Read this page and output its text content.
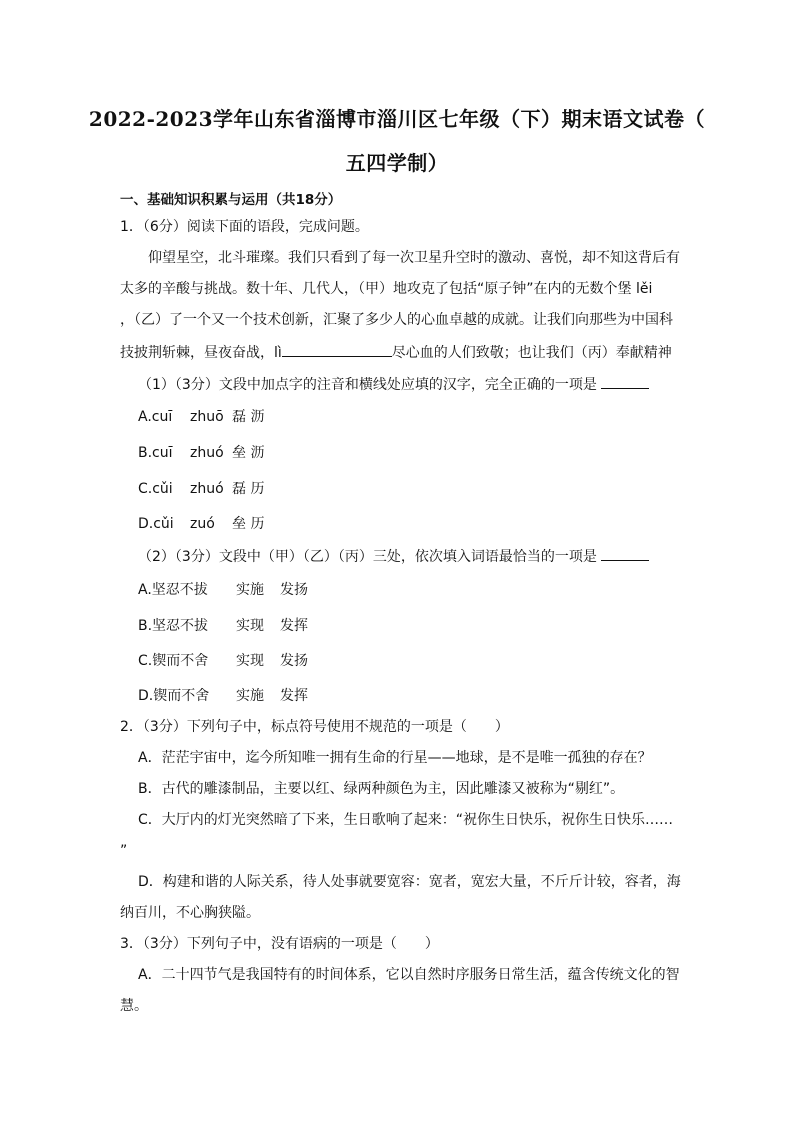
2022-2023学年山东省淄博市淄川区七年级（下）期末语文试卷（
五四学制）
一、基础知识积累与运用（共18分）
1．（6分）阅读下面的语段，完成问题。
仰望星空，北斗璀璨。我们只看到了每一次卫星升空时的激动、喜悦，却不知这背后有
太多的辛酸与挑战。数十年、几代人，（甲）地攻克了包括“原子钟”在内的无数个堡 lěi
，（乙）了一个又一个技术创新，汇聚了多少人的心血卓越的成就。让我们向那些为中国科
技披荆斩棘，昼夜奋战，lì	尽心血的人们致敬；也让我们（丙）奉献精神
（1）（3分）文段中加点字的注音和横线处应填的汉字，完全正确的一项是
A.cuī zhuō 磊 沥
B.cuī zhuó 垒 沥
C.cǔi zhuó 磊 历
D.cǔi zuó 垒 历
（2）（3分）文段中（甲）（乙）（丙）三处，依次填入词语最恰当的一项是
A.坚忍不拔 实施 发扬
B.坚忍不拔 实现 发挥
C.锲而不舍 实现 发扬
D.锲而不舍 实施 发挥
2．（3分）下列句子中，标点符号使用不规范的一项是（　　）
A．茫茫宇宙中，迄今所知唯一拥有生命的行星——地球，是不是唯一孤独的存在？
B．古代的雕漆制品，主要以红、绿两种颜色为主，因此雕漆又被称为“剔红”。
C．大厅内的灯光突然暗了下来，生日歌响了起来：“祝你生日快乐，祝你生日快乐……
”
D．构建和谐的人际关系，待人处事就要宽容：宽者，宽宏大量，不斤斤计较，容者，海
纳百川，不心胸狭隘。
3．（3分）下列句子中，没有语病的一项是（　　）
A．二十四节气是我国特有的时间体系，它以自然时序服务日常生活，蕴含传统文化的智
慧。
